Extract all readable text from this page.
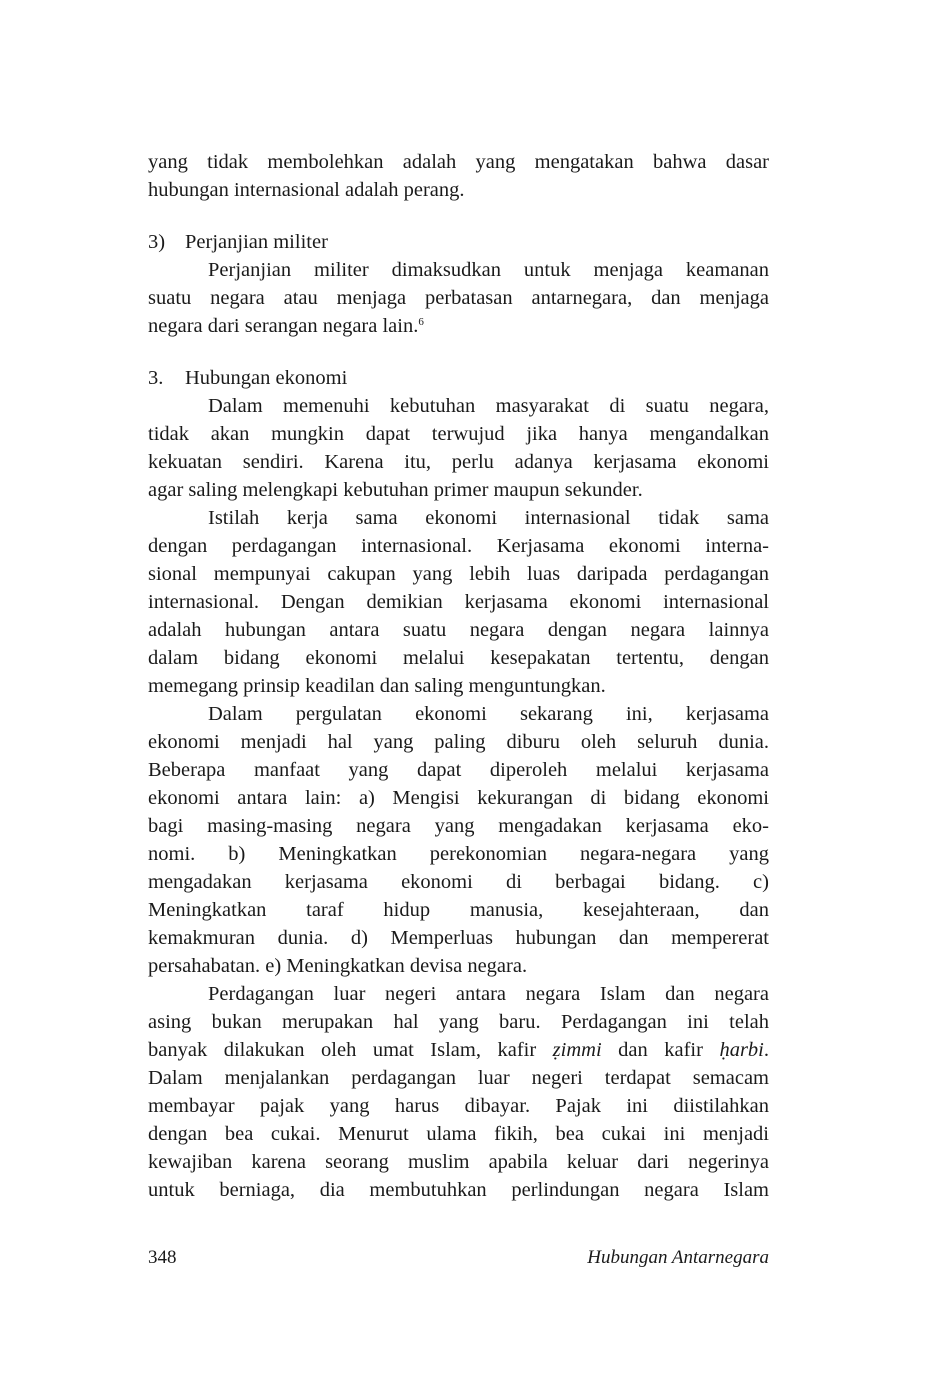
yang tidak membolehkan adalah yang mengatakan bahwa dasar
hubungan internasional adalah perang.
3) Perjanjian militer
Perjanjian militer dimaksudkan untuk menjaga keamanan
suatu negara atau menjaga perbatasan antarnegara, dan menjaga
negara dari serangan negara lain.$^6$
3. Hubungan ekonomi
Dalam memenuhi kebutuhan masyarakat di suatu negara,
tidak akan mungkin dapat terwujud jika hanya mengandalkan
kekuatan sendiri. Karena itu, perlu adanya kerjasama ekonomi
agar saling melengkapi kebutuhan primer maupun sekunder.
Istilah kerja sama ekonomi internasional tidak sama
dengan perdagangan internasional. Kerjasama ekonomi interna-
sional mempunyai cakupan yang lebih luas daripada perdagangan
internasional. Dengan demikian kerjasama ekonomi internasional
adalah hubungan antara suatu negara dengan negara lainnya
dalam bidang ekonomi melalui kesepakatan tertentu, dengan
memegang prinsip keadilan dan saling menguntungkan.
Dalam pergulatan ekonomi sekarang ini, kerjasama
ekonomi menjadi hal yang paling diburu oleh seluruh dunia.
Beberapa manfaat yang dapat diperoleh melalui kerjasama
ekonomi antara lain: a) Mengisi kekurangan di bidang ekonomi
bagi masing-masing negara yang mengadakan kerjasama eko-
nomi. b) Meningkatkan perekonomian negara-negara yang
mengadakan kerjasama ekonomi di berbagai bidang. c)
Meningkatkan taraf hidup manusia, kesejahteraan, dan
kemakmuran dunia. d) Memperluas hubungan dan mempererat
persahabatan. e) Meningkatkan devisa negara.
Perdagangan luar negeri antara negara Islam dan negara
asing bukan merupakan hal yang baru. Perdagangan ini telah
banyak dilakukan oleh umat Islam, kafir ẓimmi dan kafir ḥarbi.
Dalam menjalankan perdagangan luar negeri terdapat semacam
membayar pajak yang harus dibayar. Pajak ini diistilahkan
dengan bea cukai. Menurut ulama fikih, bea cukai ini menjadi
kewajiban karena seorang muslim apabila keluar dari negerinya
untuk berniaga, dia membutuhkan perlindungan negara Islam
348	Hubungan Antarnegara
